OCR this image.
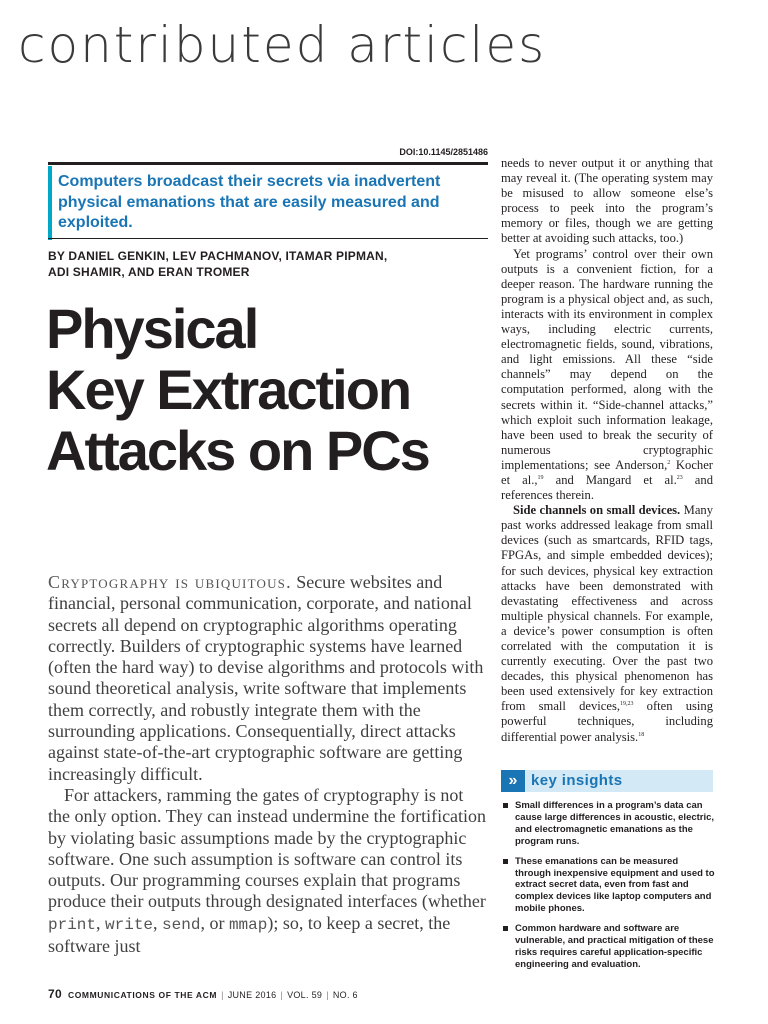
contributed articles
DOI:10.1145/2851486
Computers broadcast their secrets via inadvertent physical emanations that are easily measured and exploited.
BY DANIEL GENKIN, LEV PACHMANOV, ITAMAR PIPMAN,
ADI SHAMIR, AND ERAN TROMER
Physical
Key Extraction
Attacks on PCs

Cryptography is ubiquitous. Secure websites and financial, personal communication, corporate, and national secrets all depend on cryptographic algorithms operating correctly. Builders of cryptographic systems have learned (often the hard way) to devise algorithms and protocols with sound theoretical analysis, write software that implements them correctly, and robustly integrate them with the surrounding applications. Consequentially, direct attacks against state-of-the-art cryptographic software are getting increasingly difficult.

For attackers, ramming the gates of cryptography is not the only option. They can instead undermine the fortification by violating basic assumptions made by the cryptographic software. One such assumption is software can control its outputs. Our programming courses explain that programs produce their outputs through designated interfaces (whether print, write, send, or mmap); so, to keep a secret, the software just

needs to never output it or anything that may reveal it. (The operating system may be misused to allow someone else’s process to peek into the program’s memory or files, though we are getting better at avoiding such attacks, too.)

Yet programs’ control over their own outputs is a convenient fiction, for a deeper reason. The hardware running the program is a physical object and, as such, interacts with its environment in complex ways, including electric currents, electromagnetic fields, sound, vibrations, and light emissions. All these “side channels” may depend on the computation performed, along with the secrets within it. “Side-channel attacks,” which exploit such information leakage, have been used to break the security of numerous cryptographic implementations; see Anderson,$^2$ Kocher et al.,$^{19}$ and Mangard et al.$^{23}$ and references therein.

Side channels on small devices. Many past works addressed leakage from small devices (such as smartcards, RFID tags, FPGAs, and simple embedded devices); for such devices, physical key extraction attacks have been demonstrated with devastating effectiveness and across multiple physical channels. For example, a device’s power consumption is often correlated with the computation it is currently executing. Over the past two decades, this physical phenomenon has been used extensively for key extraction from small devices,$^{19,23}$ often using powerful techniques, including differential power analysis.$^{18}$

» key insights
Small differences in a program’s data can cause large differences in acoustic, electric, and electromagnetic emanations as the program runs.
These emanations can be measured through inexpensive equipment and used to extract secret data, even from fast and complex devices like laptop computers and mobile phones.
Common hardware and software are vulnerable, and practical mitigation of these risks requires careful application-specific engineering and evaluation.
70 COMMUNICATIONS OF THE ACM | JUNE 2016 | VOL. 59 | NO. 6
